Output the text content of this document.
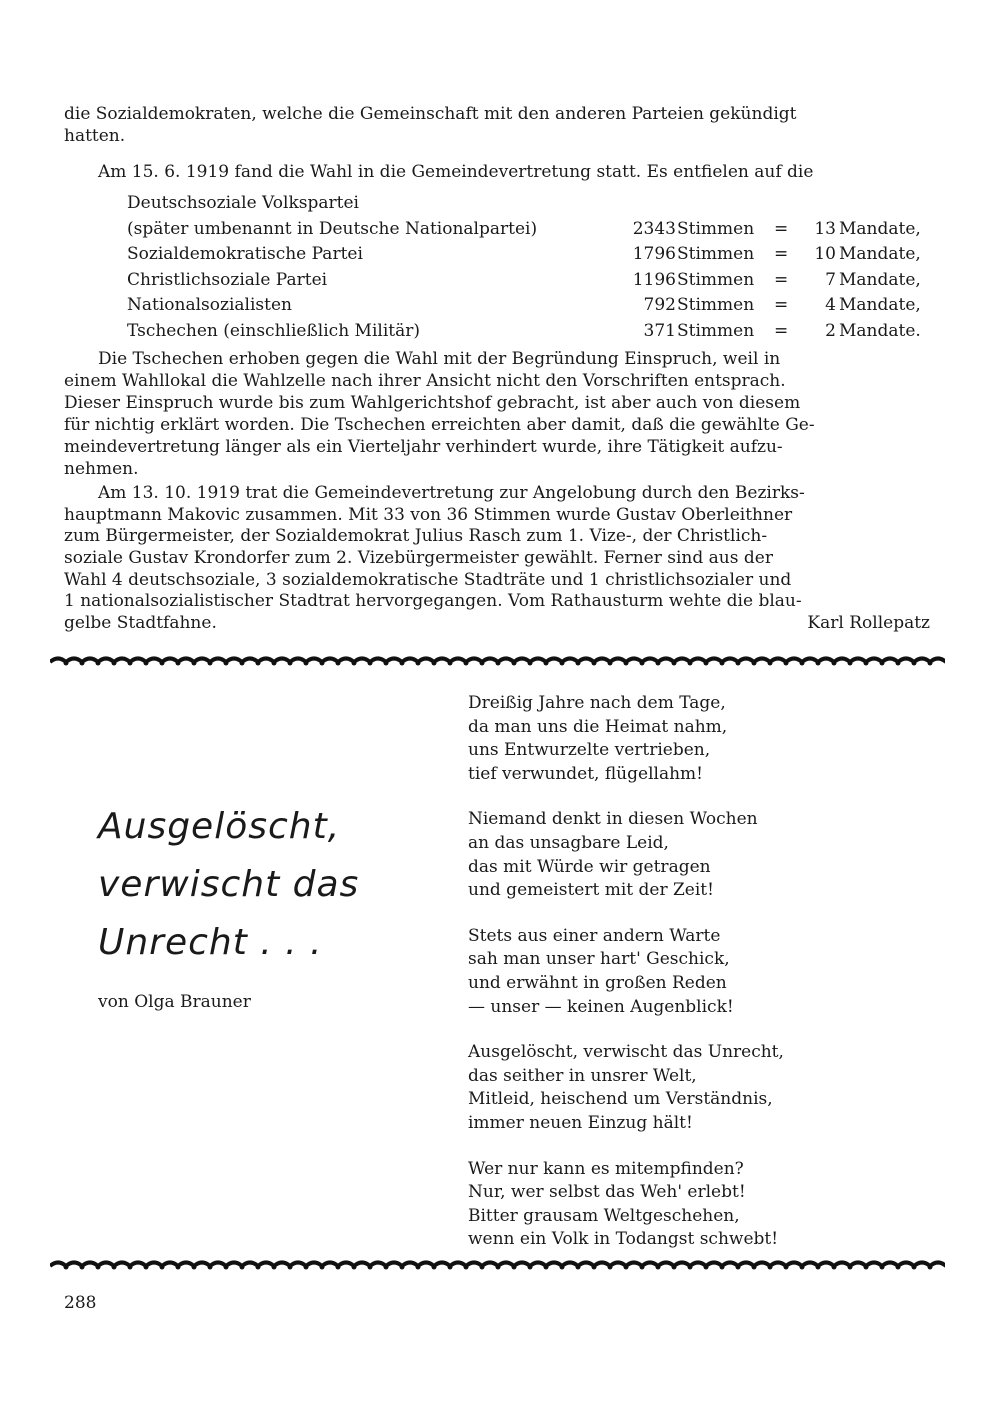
die Sozialdemokraten, welche die Gemeinschaft mit den anderen Parteien gekündigt
hatten.

Am 15. 6. 1919 fand die Wahl in die Gemeindevertretung statt. Es entfielen auf die

Deutschsoziale Volkspartei
(später umbenannt in Deutsche Nationalpartei)	2343 Stimmen = 13 Mandate,
Sozialdemokratische Partei	1796 Stimmen = 10 Mandate,
Christlichsoziale Partei	1196 Stimmen = 7 Mandate,
Nationalsozialisten	792 Stimmen = 4 Mandate,
Tschechen (einschließlich Militär)	371 Stimmen = 2 Mandate.

Die Tschechen erhoben gegen die Wahl mit der Begründung Einspruch, weil in
einem Wahllokal die Wahlzelle nach ihrer Ansicht nicht den Vorschriften entsprach.
Dieser Einspruch wurde bis zum Wahlgerichtshof gebracht, ist aber auch von diesem
für nichtig erklärt worden. Die Tschechen erreichten aber damit, daß die gewählte Ge-
meindevertretung länger als ein Vierteljahr verhindert wurde, ihre Tätigkeit aufzu-
nehmen.

Am 13. 10. 1919 trat die Gemeindevertretung zur Angelobung durch den Bezirks-
hauptmann Makovic zusammen. Mit 33 von 36 Stimmen wurde Gustav Oberleithner
zum Bürgermeister, der Sozialdemokrat Julius Rasch zum 1. Vize-, der Christlich-
soziale Gustav Krondorfer zum 2. Vizebürgermeister gewählt. Ferner sind aus der
Wahl 4 deutschsoziale, 3 sozialdemokratische Stadträte und 1 christlichsozialer und
1 nationalsozialistischer Stadtrat hervorgegangen. Vom Rathausturm wehte die blau-
gelbe Stadtfahne.	Karl Rollepatz

Ausgelöscht,
verwischt das
Unrecht . . .
von Olga Brauner
Dreißig Jahre nach dem Tage,
da man uns die Heimat nahm,
uns Entwurzelte vertrieben,
tief verwundet, flügellahm!
Niemand denkt in diesen Wochen
an das unsagbare Leid,
das mit Würde wir getragen
und gemeistert mit der Zeit!
Stets aus einer andern Warte
sah man unser hart' Geschick,
und erwähnt in großen Reden
— unser — keinen Augenblick!
Ausgelöscht, verwischt das Unrecht,
das seither in unsrer Welt,
Mitleid, heischend um Verständnis,
immer neuen Einzug hält!
Wer nur kann es mitempfinden?
Nur, wer selbst das Weh' erlebt!
Bitter grausam Weltgeschehen,
wenn ein Volk in Todangst schwebt!
288
